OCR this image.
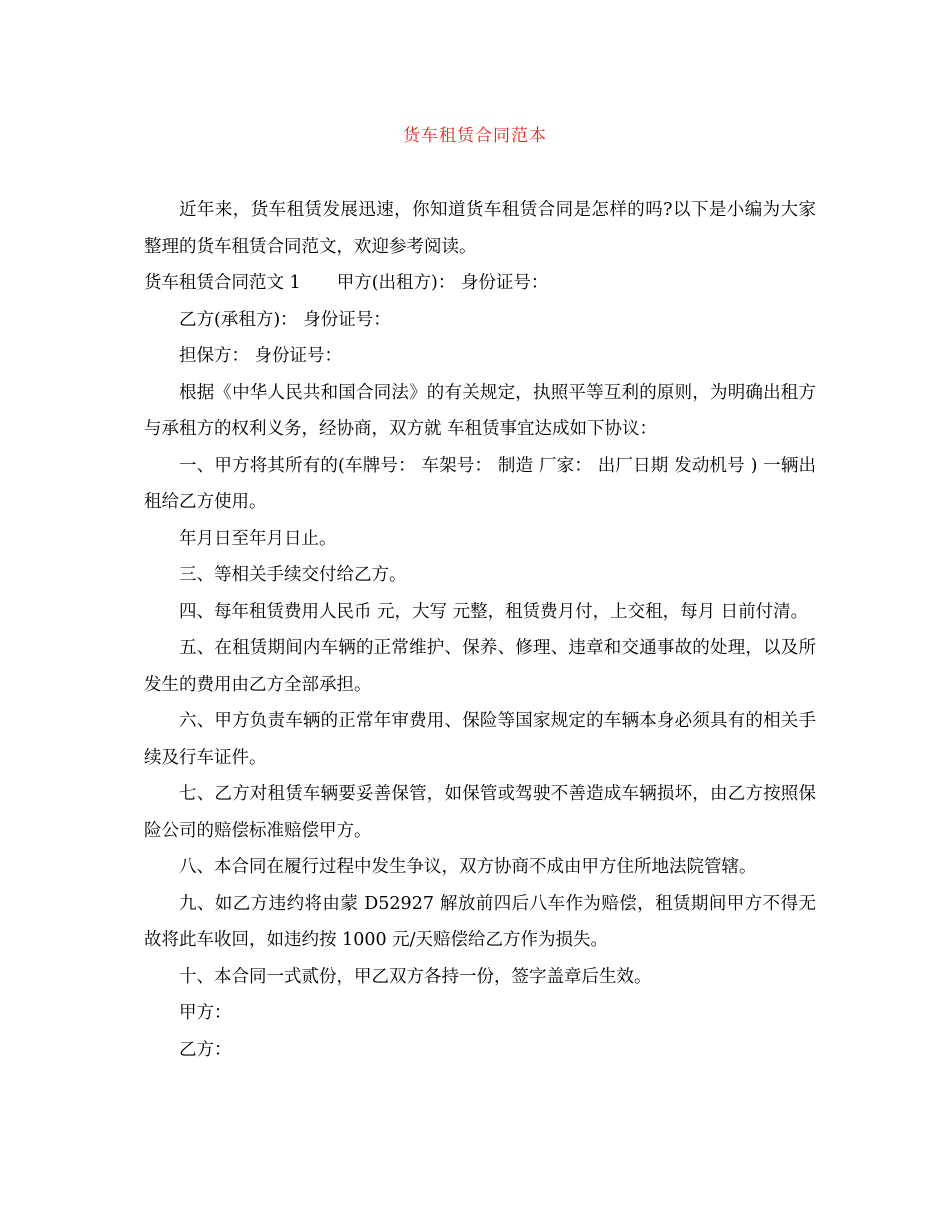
货车租赁合同范本

近年来，货车租赁发展迅速，你知道货车租赁合同是怎样的吗?以下是小编为大家整理的货车租赁合同范文，欢迎参考阅读。

货车租赁合同范文 1 甲方(出租方)： 身份证号：

乙方(承租方)： 身份证号：

担保方： 身份证号：

根据《中华人民共和国合同法》的有关规定，执照平等互利的原则，为明确出租方与承租方的权利义务，经协商，双方就 车租赁事宜达成如下协议：

一、甲方将其所有的(车牌号： 车架号： 制造 厂家： 出厂日期 发动机号 ) 一辆出租给乙方使用。

年月日至年月日止。

三、等相关手续交付给乙方。

四、每年租赁费用人民币 元，大写 元整，租赁费月付，上交租，每月 日前付清。

五、在租赁期间内车辆的正常维护、保养、修理、违章和交通事故的处理，以及所发生的费用由乙方全部承担。

六、甲方负责车辆的正常年审费用、保险等国家规定的车辆本身必须具有的相关手续及行车证件。

七、乙方对租赁车辆要妥善保管，如保管或驾驶不善造成车辆损坏，由乙方按照保险公司的赔偿标准赔偿甲方。

八、本合同在履行过程中发生争议，双方协商不成由甲方住所地法院管辖。

九、如乙方违约将由蒙 D52927 解放前四后八车作为赔偿，租赁期间甲方不得无故将此车收回，如违约按 1000 元/天赔偿给乙方作为损失。

十、本合同一式贰份，甲乙双方各持一份，签字盖章后生效。

甲方：

乙方：
